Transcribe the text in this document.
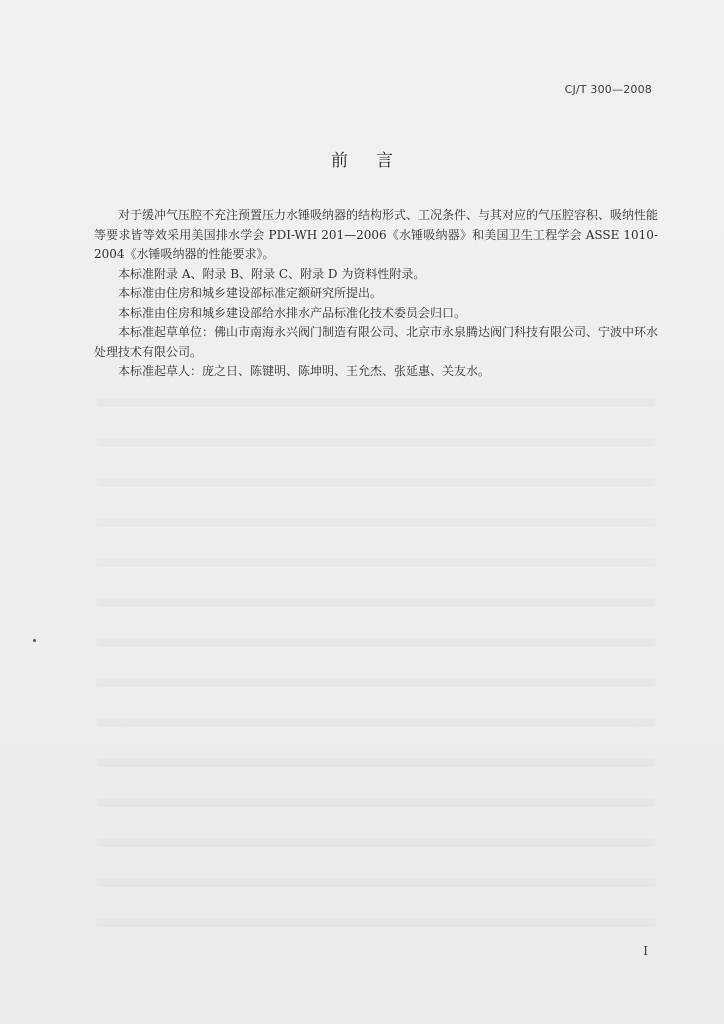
CJ/T 300—2008
前言

对于缓冲气压腔不充注预置压力水锤吸纳器的结构形式、工况条件、与其对应的气压腔容积、吸纳性能等要求皆等效采用美国排水学会 PDI-WH 201—2006《水锤吸纳器》和美国卫生工程学会 ASSE 1010-2004《水锤吸纳器的性能要求》。

本标准附录 A、附录 B、附录 C、附录 D 为资料性附录。

本标准由住房和城乡建设部标准定额研究所提出。

本标准由住房和城乡建设部给水排水产品标准化技术委员会归口。

本标准起草单位：佛山市南海永兴阀门制造有限公司、北京市永泉腾达阀门科技有限公司、宁波中环水处理技术有限公司。

本标准起草人：庞之日、陈键明、陈坤明、王允杰、张延惠、关友水。

I
